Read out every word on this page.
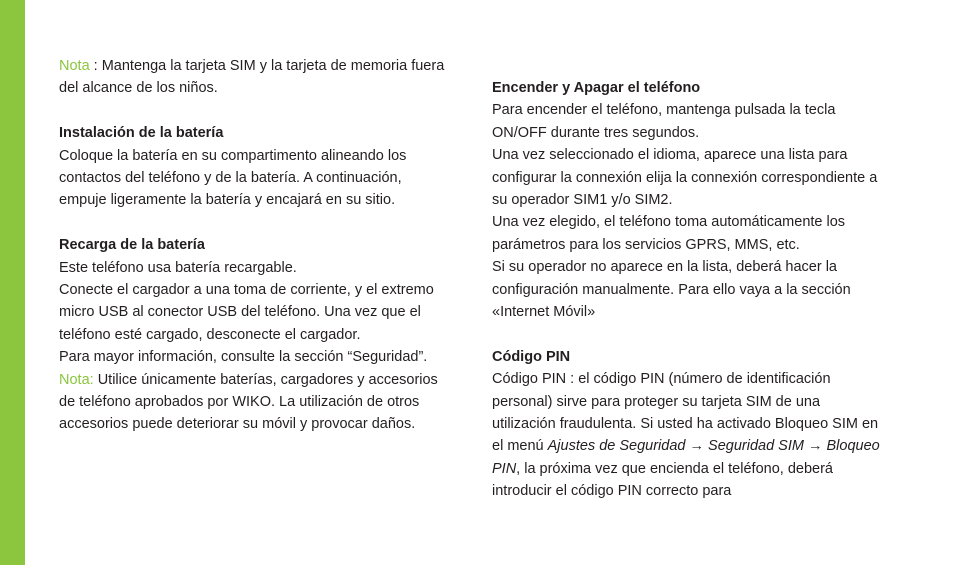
Nota : Mantenga la tarjeta SIM y la tarjeta de memoria fuera del alcance de los niños.

Instalación de la batería

Coloque la batería en su compartimento alineando los contactos del teléfono y de la batería. A continuación, empuje ligeramente la batería y encajará en su sitio.

Recarga de la batería

Este teléfono usa batería recargable.

Conecte el cargador a una toma de corriente, y el extremo micro USB al conector USB del teléfono. Una vez que el teléfono esté cargado, desconecte el cargador.

Para mayor información, consulte la sección “Seguridad”.

Nota: Utilice únicamente baterías, cargadores y accesorios de teléfono aprobados por WIKO. La utilización de otros accesorios puede deteriorar su móvil y provocar daños.

Encender y Apagar el teléfono

Para encender el teléfono, mantenga pulsada la tecla ON/OFF durante tres segundos.

Una vez seleccionado el idioma, aparece una lista para configurar la connexión elija la connexión correspondiente a su operador SIM1 y/o SIM2.

Una vez elegido, el teléfono toma automáticamente los parámetros para los servicios GPRS, MMS, etc.

Si su operador no aparece en la lista, deberá hacer la configuración manualmente. Para ello vaya a la sección «Internet Móvil»

Código PIN

Código PIN : el código PIN (número de identificación personal) sirve para proteger su tarjeta SIM de una utilización fraudulenta. Si usted ha activado Bloqueo SIM en el menú Ajustes de Seguridad → Seguridad SIM → Bloqueo PIN, la próxima vez que encienda el teléfono, deberá introducir el código PIN correcto para
